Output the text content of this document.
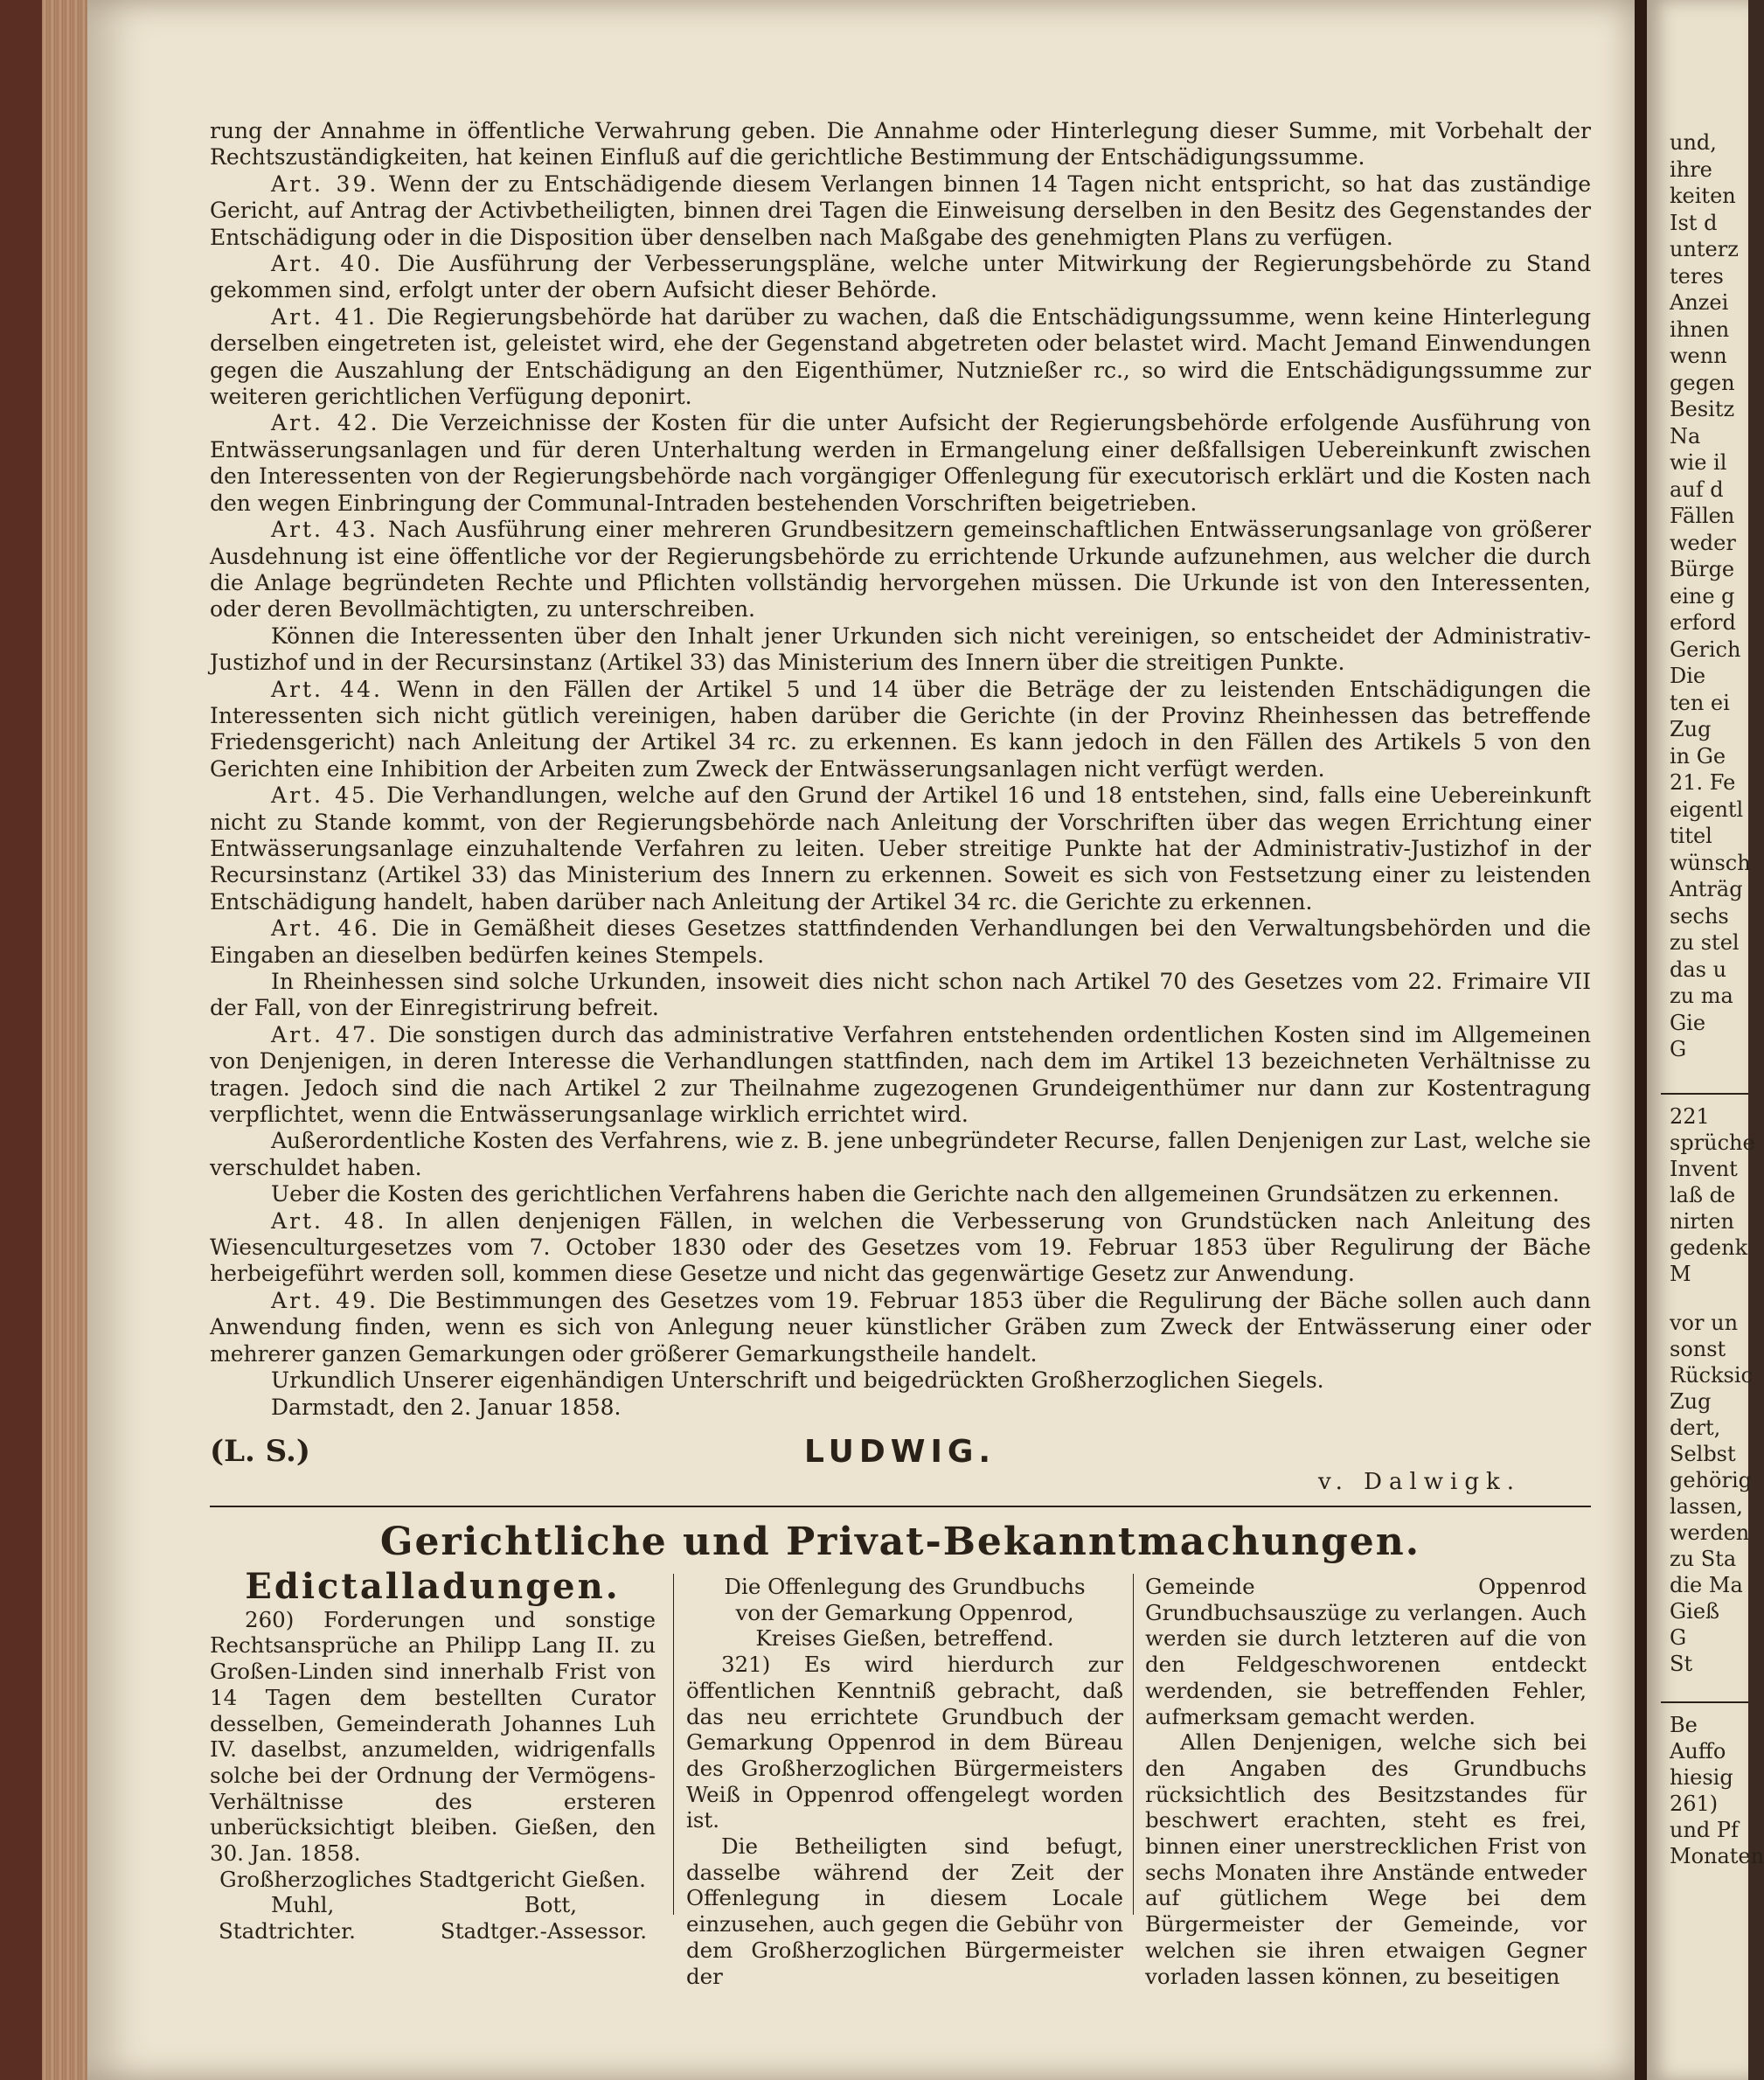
rung der Annahme in öffentliche Verwahrung geben. Die Annahme oder Hinterlegung dieser Summe, mit Vorbehalt der Rechtszuständigkeiten, hat keinen Einfluß auf die gerichtliche Bestimmung der Entschädigungssumme.

Art. 39. Wenn der zu Entschädigende diesem Verlangen binnen 14 Tagen nicht entspricht, so hat das zuständige Gericht, auf Antrag der Activbetheiligten, binnen drei Tagen die Einweisung derselben in den Besitz des Gegenstandes der Entschädigung oder in die Disposition über denselben nach Maßgabe des genehmigten Plans zu verfügen.

Art. 40. Die Ausführung der Verbesserungspläne, welche unter Mitwirkung der Regierungsbehörde zu Stand gekommen sind, erfolgt unter der obern Aufsicht dieser Behörde.

Art. 41. Die Regierungsbehörde hat darüber zu wachen, daß die Entschädigungssumme, wenn keine Hinterlegung derselben eingetreten ist, geleistet wird, ehe der Gegenstand abgetreten oder belastet wird. Macht Jemand Einwendungen gegen die Auszahlung der Entschädigung an den Eigenthümer, Nutznießer rc., so wird die Entschädigungssumme zur weiteren gerichtlichen Verfügung deponirt.

Art. 42. Die Verzeichnisse der Kosten für die unter Aufsicht der Regierungsbehörde erfolgende Ausführung von Entwässerungsanlagen und für deren Unterhaltung werden in Ermangelung einer deßfallsigen Uebereinkunft zwischen den Interessenten von der Regierungsbehörde nach vorgängiger Offenlegung für executorisch erklärt und die Kosten nach den wegen Einbringung der Communal-Intraden bestehenden Vorschriften beigetrieben.

Art. 43. Nach Ausführung einer mehreren Grundbesitzern gemeinschaftlichen Entwässerungsanlage von größerer Ausdehnung ist eine öffentliche vor der Regierungsbehörde zu errichtende Urkunde aufzunehmen, aus welcher die durch die Anlage begründeten Rechte und Pflichten vollständig hervorgehen müssen. Die Urkunde ist von den Interessenten, oder deren Bevollmächtigten, zu unterschreiben.

Können die Interessenten über den Inhalt jener Urkunden sich nicht vereinigen, so entscheidet der Administrativ-Justizhof und in der Recursinstanz (Artikel 33) das Ministerium des Innern über die streitigen Punkte.

Art. 44. Wenn in den Fällen der Artikel 5 und 14 über die Beträge der zu leistenden Entschädigungen die Interessenten sich nicht gütlich vereinigen, haben darüber die Gerichte (in der Provinz Rheinhessen das betreffende Friedensgericht) nach Anleitung der Artikel 34 rc. zu erkennen. Es kann jedoch in den Fällen des Artikels 5 von den Gerichten eine Inhibition der Arbeiten zum Zweck der Entwässerungsanlagen nicht verfügt werden.

Art. 45. Die Verhandlungen, welche auf den Grund der Artikel 16 und 18 entstehen, sind, falls eine Uebereinkunft nicht zu Stande kommt, von der Regierungsbehörde nach Anleitung der Vorschriften über das wegen Errichtung einer Entwässerungsanlage einzuhaltende Verfahren zu leiten. Ueber streitige Punkte hat der Administrativ-Justizhof in der Recursinstanz (Artikel 33) das Ministerium des Innern zu erkennen. Soweit es sich von Festsetzung einer zu leistenden Entschädigung handelt, haben darüber nach Anleitung der Artikel 34 rc. die Gerichte zu erkennen.

Art. 46. Die in Gemäßheit dieses Gesetzes stattfindenden Verhandlungen bei den Verwaltungsbehörden und die Eingaben an dieselben bedürfen keines Stempels.

In Rheinhessen sind solche Urkunden, insoweit dies nicht schon nach Artikel 70 des Gesetzes vom 22. Frimaire VII der Fall, von der Einregistrirung befreit.

Art. 47. Die sonstigen durch das administrative Verfahren entstehenden ordentlichen Kosten sind im Allgemeinen von Denjenigen, in deren Interesse die Verhandlungen stattfinden, nach dem im Artikel 13 bezeichneten Verhältnisse zu tragen. Jedoch sind die nach Artikel 2 zur Theilnahme zugezogenen Grundeigenthümer nur dann zur Kostentragung verpflichtet, wenn die Entwässerungsanlage wirklich errichtet wird.

Außerordentliche Kosten des Verfahrens, wie z. B. jene unbegründeter Recurse, fallen Denjenigen zur Last, welche sie verschuldet haben.

Ueber die Kosten des gerichtlichen Verfahrens haben die Gerichte nach den allgemeinen Grundsätzen zu erkennen.

Art. 48. In allen denjenigen Fällen, in welchen die Verbesserung von Grundstücken nach Anleitung des Wiesenculturgesetzes vom 7. October 1830 oder des Gesetzes vom 19. Februar 1853 über Regulirung der Bäche herbeigeführt werden soll, kommen diese Gesetze und nicht das gegenwärtige Gesetz zur Anwendung.

Art. 49. Die Bestimmungen des Gesetzes vom 19. Februar 1853 über die Regulirung der Bäche sollen auch dann Anwendung finden, wenn es sich von Anlegung neuer künstlicher Gräben zum Zweck der Entwässerung einer oder mehrerer ganzen Gemarkungen oder größerer Gemarkungstheile handelt.

Urkundlich Unserer eigenhändigen Unterschrift und beigedrückten Großherzoglichen Siegels.

Darmstadt, den 2. Januar 1858.

(L. S.)	LUDWIG.
v. Dalwigk.
Gerichtliche und Privat-Bekanntmachungen.

Edictalladungen.

260) Forderungen und sonstige Rechtsansprüche an Philipp Lang II. zu Großen-Linden sind innerhalb Frist von 14 Tagen dem bestellten Curator desselben, Gemeinderath Johannes Luh IV. daselbst, anzumelden, widrigenfalls solche bei der Ordnung der Vermögens-Verhältnisse des ersteren unberücksichtigt bleiben. Gießen, den 30. Jan. 1858.

Großherzogliches Stadtgericht Gießen.

Muhl,	Bott,
Stadtrichter.	Stadtger.-Assessor.

Die Offenlegung des Grundbuchs von der Gemarkung Oppenrod, Kreises Gießen, betreffend.

321) Es wird hierdurch zur öffentlichen Kenntniß gebracht, daß das neu errichtete Grundbuch der Gemarkung Oppenrod in dem Büreau des Großherzoglichen Bürgermeisters Weiß in Oppenrod offengelegt worden ist.

Die Betheiligten sind befugt, dasselbe während der Zeit der Offenlegung in diesem Locale einzusehen, auch gegen die Gebühr von dem Großherzoglichen Bürgermeister der

Gemeinde Oppenrod Grundbuchsauszüge zu verlangen. Auch werden sie durch letzteren auf die von den Feldgeschworenen entdeckt werdenden, sie betreffenden Fehler, aufmerksam gemacht werden.

Allen Denjenigen, welche sich bei den Angaben des Grundbuchs rücksichtlich des Besitzstandes für beschwert erachten, steht es frei, binnen einer unerstrecklichen Frist von sechs Monaten ihre Anstände entweder auf gütlichem Wege bei dem Bürgermeister der Gemeinde, vor welchen sie ihren etwaigen Gegner vorladen lassen können, zu beseitigen

und,
ihre
keiten
Ist d
unterz
teres
Anzei
ihnen
wenn
gegen
Besitz
Na
wie il
auf d
Fällen
weder
Bürge
eine g
erford
Gerich
Die
ten ei
Zug
in Ge
21. Fe
eigentl
titel
wünsch
Anträg
sechs
zu stel
das u
zu ma
Gie
G
221
sprüche
Invent
laß de
nirten
gedenk
M
vor un
sonst
Rücksic
Zug
dert,
Selbst
gehörig
lassen,
werden
zu Sta
die Ma
Gieß
G
St
Be
Auffo
hiesig
261)
und Pf
Monaten
